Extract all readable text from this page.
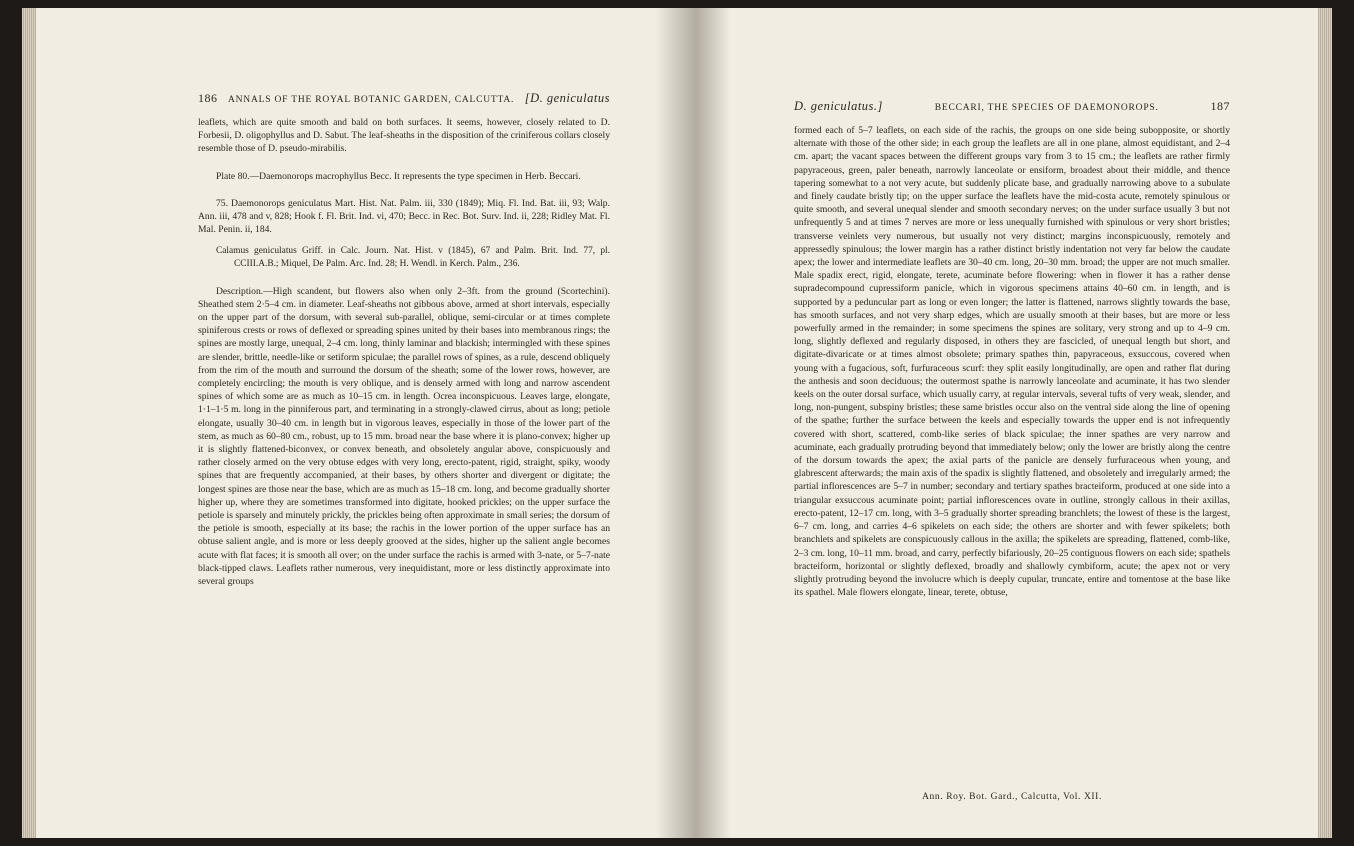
186 ANNALS OF THE ROYAL BOTANIC GARDEN, CALCUTTA. [D. geniculatus

leaflets, which are quite smooth and bald on both surfaces. It seems, however, closely related to D. Forbesii, D. oligophyllus and D. Sabut. The leaf-sheaths in the disposition of the criniferous collars closely resemble those of D. pseudo-mirabilis.

Plate 80.—Daemonorops macrophyllus Becc. It represents the type specimen in Herb. Beccari.

75. Daemonorops geniculatus Mart. Hist. Nat. Palm. iii, 330 (1849); Miq. Fl. Ind. Bat. iii, 93; Walp. Ann. iii, 478 and v, 828; Hook f. Fl. Brit. Ind. vi, 470; Becc. in Rec. Bot. Surv. Ind. ii, 228; Ridley Mat. Fl. Mal. Penin. ii, 184.

Calamus geniculatus Griff. in Calc. Journ. Nat. Hist. v (1845), 67 and Palm. Brit. Ind. 77, pl. CCIII.A.B.; Miquel, De Palm. Arc. Ind. 28; H. Wendl. in Kerch. Palm., 236.

Description.—High scandent, but flowers also when only 2–3ft. from the ground (Scortechini). Sheathed stem 2·5–4 cm. in diameter. Leaf-sheaths not gibbous above, armed at short intervals, especially on the upper part of the dorsum, with several sub-parallel, oblique, semi-circular or at times complete spiniferous crests or rows of deflexed or spreading spines united by their bases into membranous rings; the spines are mostly large, unequal, 2–4 cm. long, thinly laminar and blackish; intermingled with these spines are slender, brittle, needle-like or setiform spiculae; the parallel rows of spines, as a rule, descend obliquely from the rim of the mouth and surround the dorsum of the sheath; some of the lower rows, however, are completely encircling; the mouth is very oblique, and is densely armed with long and narrow ascendent spines of which some are as much as 10–15 cm. in length. Ocrea inconspicuous. Leaves large, elongate, 1·1–1·5 m. long in the pinniferous part, and terminating in a strongly-clawed cirrus, about as long; petiole elongate, usually 30–40 cm. in length but in vigorous leaves, especially in those of the lower part of the stem, as much as 60–80 cm., robust, up to 15 mm. broad near the base where it is plano-convex; higher up it is slightly flattened-biconvex, or convex beneath, and obsoletely angular above, conspicuously and rather closely armed on the very obtuse edges with very long, erecto-patent, rigid, straight, spiky, woody spines that are frequently accompanied, at their bases, by others shorter and divergent or digitate; the longest spines are those near the base, which are as much as 15–18 cm. long, and become gradually shorter higher up, where they are sometimes transformed into digitate, hooked prickles; on the upper surface the petiole is sparsely and minutely prickly, the prickles being often approximate in small series; the dorsum of the petiole is smooth, especially at its base; the rachis in the lower portion of the upper surface has an obtuse salient angle, and is more or less deeply grooved at the sides, higher up the salient angle becomes acute with flat faces; it is smooth all over; on the under surface the rachis is armed with 3-nate, or 5–7-nate black-tipped claws. Leaflets rather numerous, very inequidistant, more or less distinctly approximate into several groups

D. geniculatus.]	BECCARI, THE SPECIES OF DAEMONOROPS.	187

formed each of 5–7 leaflets, on each side of the rachis, the groups on one side being subopposite, or shortly alternate with those of the other side; in each group the leaflets are all in one plane, almost equidistant, and 2–4 cm. apart; the vacant spaces between the different groups vary from 3 to 15 cm.; the leaflets are rather firmly papyraceous, green, paler beneath, narrowly lanceolate or ensiform, broadest about their middle, and thence tapering somewhat to a not very acute, but suddenly plicate base, and gradually narrowing above to a subulate and finely caudate bristly tip; on the upper surface the leaflets have the mid-costa acute, remotely spinulous or quite smooth, and several unequal slender and smooth secondary nerves; on the under surface usually 3 but not unfrequently 5 and at times 7 nerves are more or less unequally furnished with spinulous or very short bristles; transverse veinlets very numerous, but usually not very distinct; margins inconspicuously, remotely and appressedly spinulous; the lower margin has a rather distinct bristly indentation not very far below the caudate apex; the lower and intermediate leaflets are 30–40 cm. long, 20–30 mm. broad; the upper are not much smaller. Male spadix erect, rigid, elongate, terete, acuminate before flowering: when in flower it has a rather dense supradecompound cupressiform panicle, which in vigorous specimens attains 40–60 cm. in length, and is supported by a peduncular part as long or even longer; the latter is flattened, narrows slightly towards the base, has smooth surfaces, and not very sharp edges, which are usually smooth at their bases, but are more or less powerfully armed in the remainder; in some specimens the spines are solitary, very strong and up to 4–9 cm. long, slightly deflexed and regularly disposed, in others they are fascicled, of unequal length but short, and digitate-divaricate or at times almost obsolete; primary spathes thin, papyraceous, exsuccous, covered when young with a fugacious, soft, furfuraceous scurf: they split easily longitudinally, are open and rather flat during the anthesis and soon deciduous; the outermost spathe is narrowly lanceolate and acuminate, it has two slender keels on the outer dorsal surface, which usually carry, at regular intervals, several tufts of very weak, slender, and long, non-pungent, subspiny bristles; these same bristles occur also on the ventral side along the line of opening of the spathe; further the surface between the keels and especially towards the upper end is not infrequently covered with short, scattered, comb-like series of black spiculae; the inner spathes are very narrow and acuminate, each gradually protruding beyond that immediately below; only the lower are bristly along the centre of the dorsum towards the apex; the axial parts of the panicle are densely furfuraceous when young, and glabrescent afterwards; the main axis of the spadix is slightly flattened, and obsoletely and irregularly armed; the partial inflorescences are 5–7 in number; secondary and tertiary spathes bracteiform, produced at one side into a triangular exsuccous acuminate point; partial inflorescences ovate in outline, strongly callous in their axillas, erecto-patent, 12–17 cm. long, with 3–5 gradually shorter spreading branchlets; the lowest of these is the largest, 6–7 cm. long, and carries 4–6 spikelets on each side; the others are shorter and with fewer spikelets; both branchlets and spikelets are conspicuously callous in the axilla; the spikelets are spreading, flattened, comb-like, 2–3 cm. long, 10–11 mm. broad, and carry, perfectly bifariously, 20–25 contiguous flowers on each side; spathels bracteiform, horizontal or slightly deflexed, broadly and shallowly cymbiform, acute; the apex not or very slightly protruding beyond the involucre which is deeply cupular, truncate, entire and tomentose at the base like its spathel. Male flowers elongate, linear, terete, obtuse,

Ann. Roy. Bot. Gard., Calcutta, Vol. XII.
